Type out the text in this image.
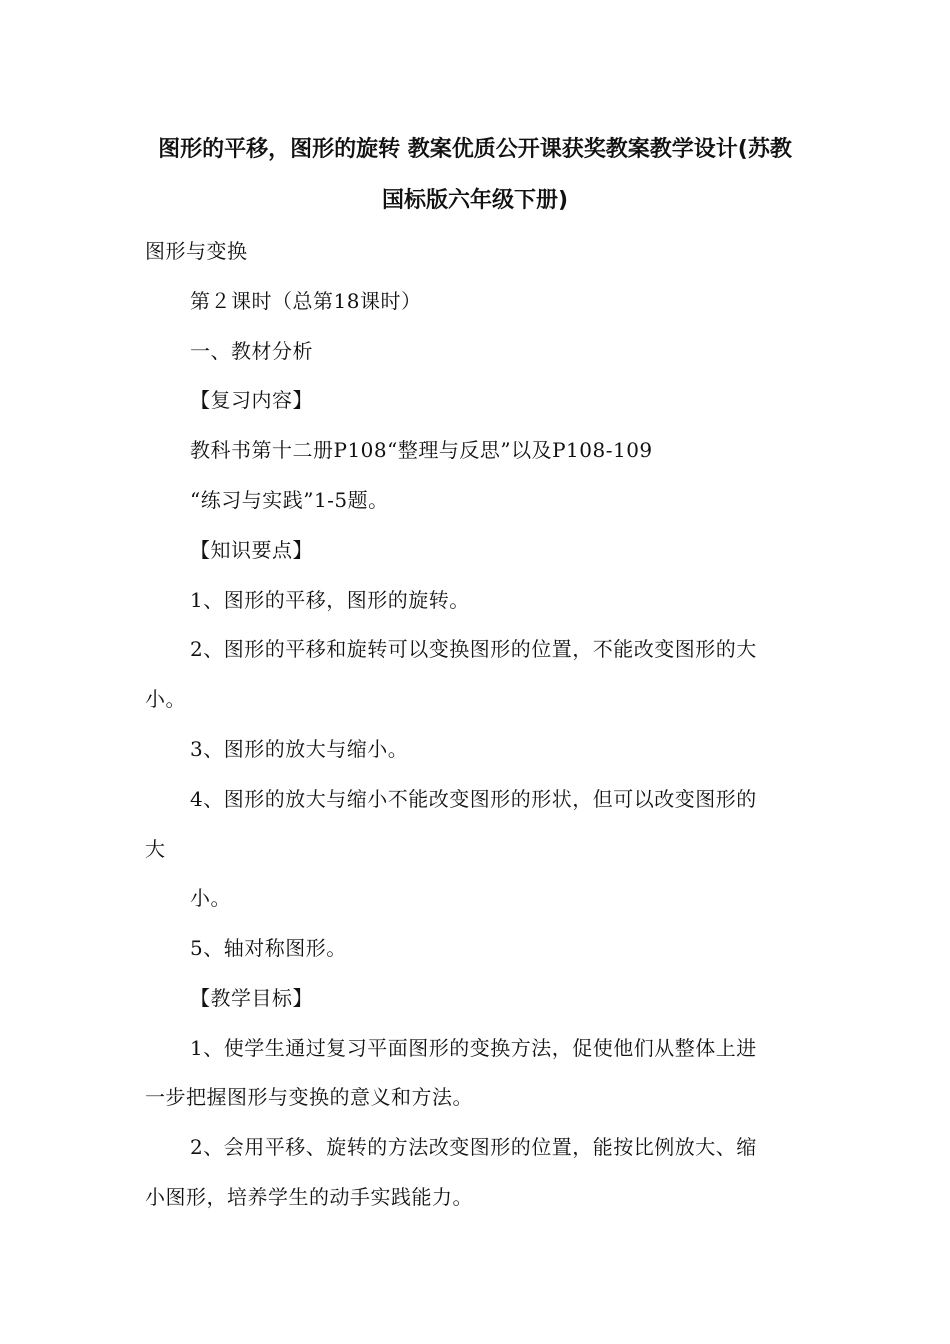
图形的平移，图形的旋转 教案优质公开课获奖教案教学设计(苏教
国标版六年级下册)
图形与变换
第２课时（总第18课时）
一、教材分析
【复习内容】
教科书第十二册P108“整理与反思”以及P108-109
“练习与实践”1-5题。
【知识要点】
1、图形的平移，图形的旋转。
2、图形的平移和旋转可以变换图形的位置，不能改变图形的大
小。
3、图形的放大与缩小。
4、图形的放大与缩小不能改变图形的形状，但可以改变图形的
大
小。
5、轴对称图形。
【教学目标】
1、使学生通过复习平面图形的变换方法，促使他们从整体上进
一步把握图形与变换的意义和方法。
2、会用平移、旋转的方法改变图形的位置，能按比例放大、缩
小图形，培养学生的动手实践能力。
